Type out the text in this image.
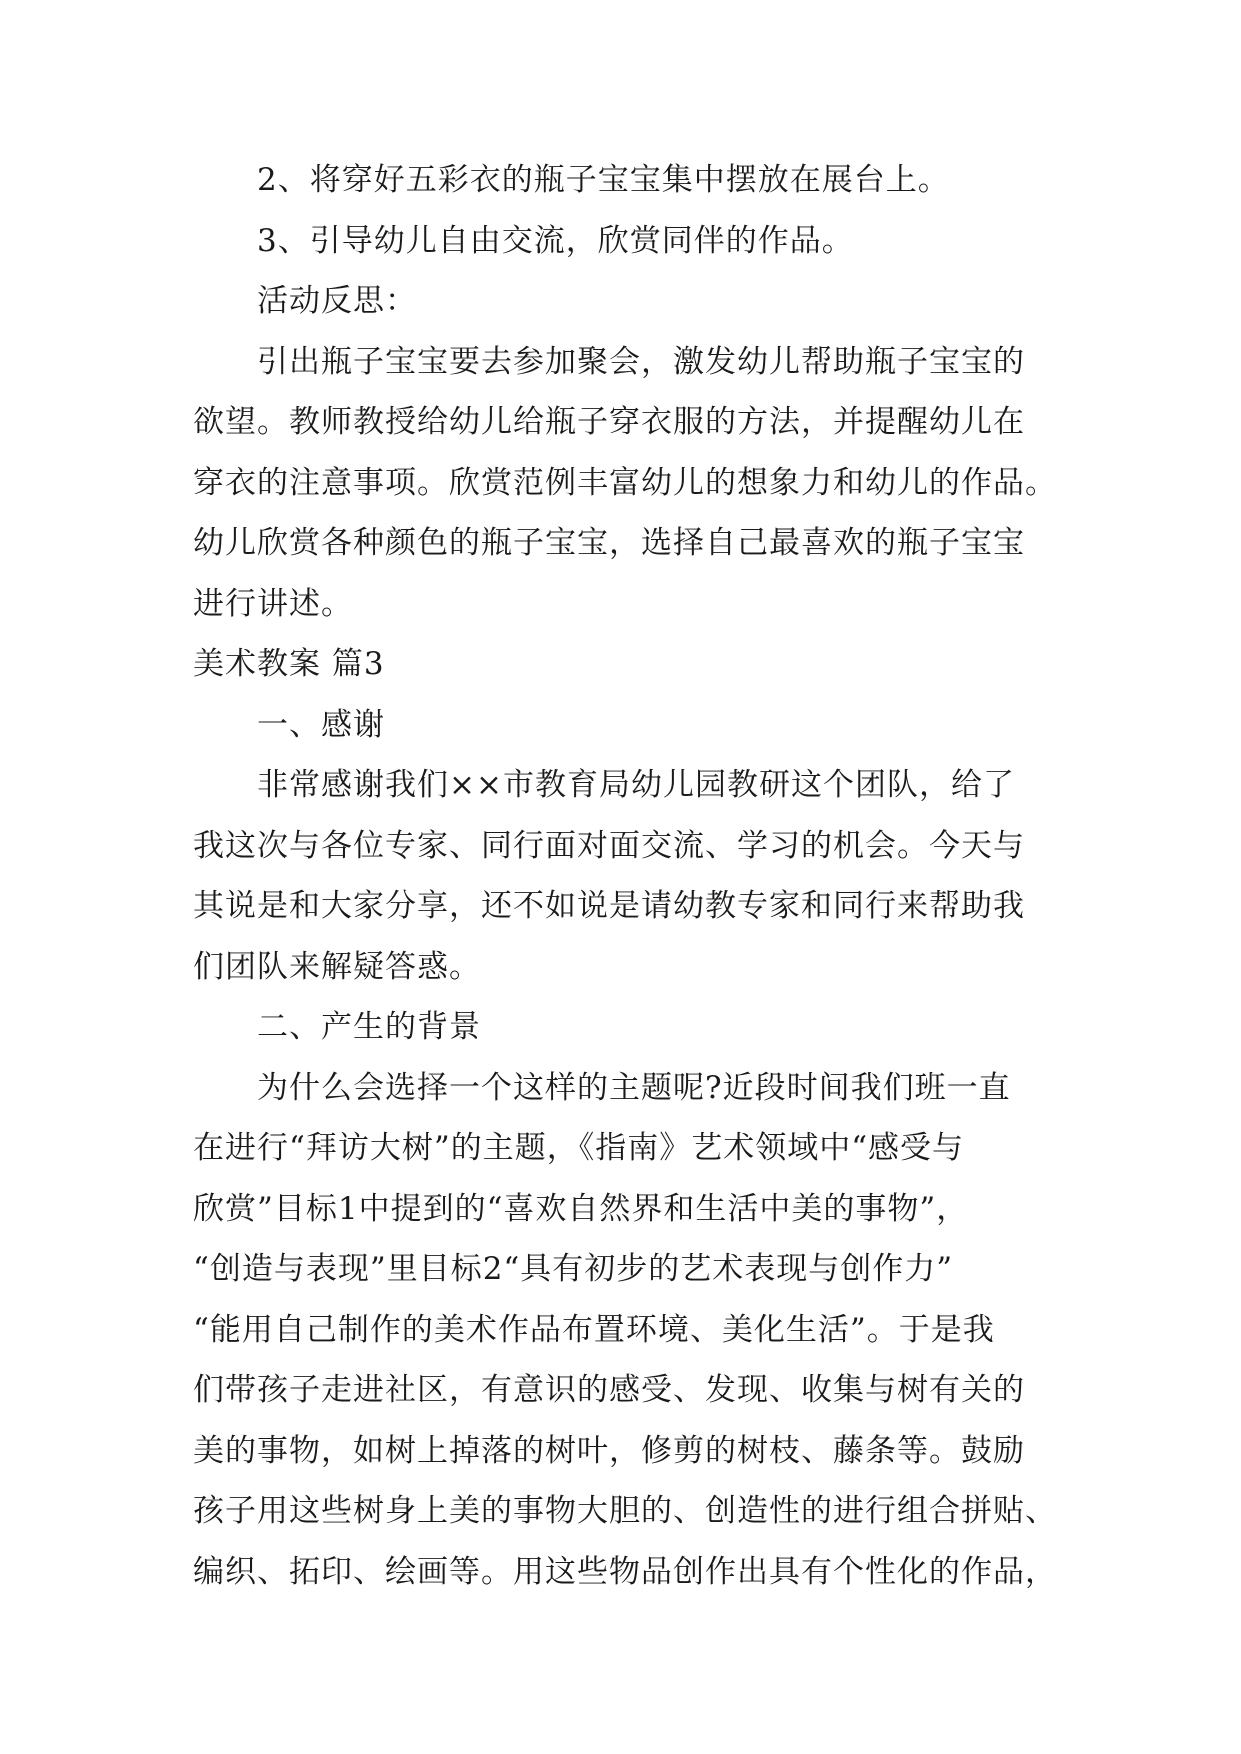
2、将穿好五彩衣的瓶子宝宝集中摆放在展台上。

3、引导幼儿自由交流，欣赏同伴的作品。

活动反思：

引出瓶子宝宝要去参加聚会，激发幼儿帮助瓶子宝宝的

欲望。教师教授给幼儿给瓶子穿衣服的方法，并提醒幼儿在

穿衣的注意事项。欣赏范例丰富幼儿的想象力和幼儿的作品。

幼儿欣赏各种颜色的瓶子宝宝，选择自己最喜欢的瓶子宝宝

进行讲述。

美术教案 篇3

一、感谢

非常感谢我们××市教育局幼儿园教研这个团队，给了

我这次与各位专家、同行面对面交流、学习的机会。今天与

其说是和大家分享，还不如说是请幼教专家和同行来帮助我

们团队来解疑答惑。

二、产生的背景

为什么会选择一个这样的主题呢?近段时间我们班一直

在进行“拜访大树”的主题，《指南》艺术领域中“感受与

欣赏”目标1中提到的“喜欢自然界和生活中美的事物”，

“创造与表现”里目标2“具有初步的艺术表现与创作力”

“能用自己制作的美术作品布置环境、美化生活”。于是我

们带孩子走进社区，有意识的感受、发现、收集与树有关的

美的事物，如树上掉落的树叶，修剪的树枝、藤条等。鼓励

孩子用这些树身上美的事物大胆的、创造性的进行组合拼贴、

编织、拓印、绘画等。用这些物品创作出具有个性化的作品，
